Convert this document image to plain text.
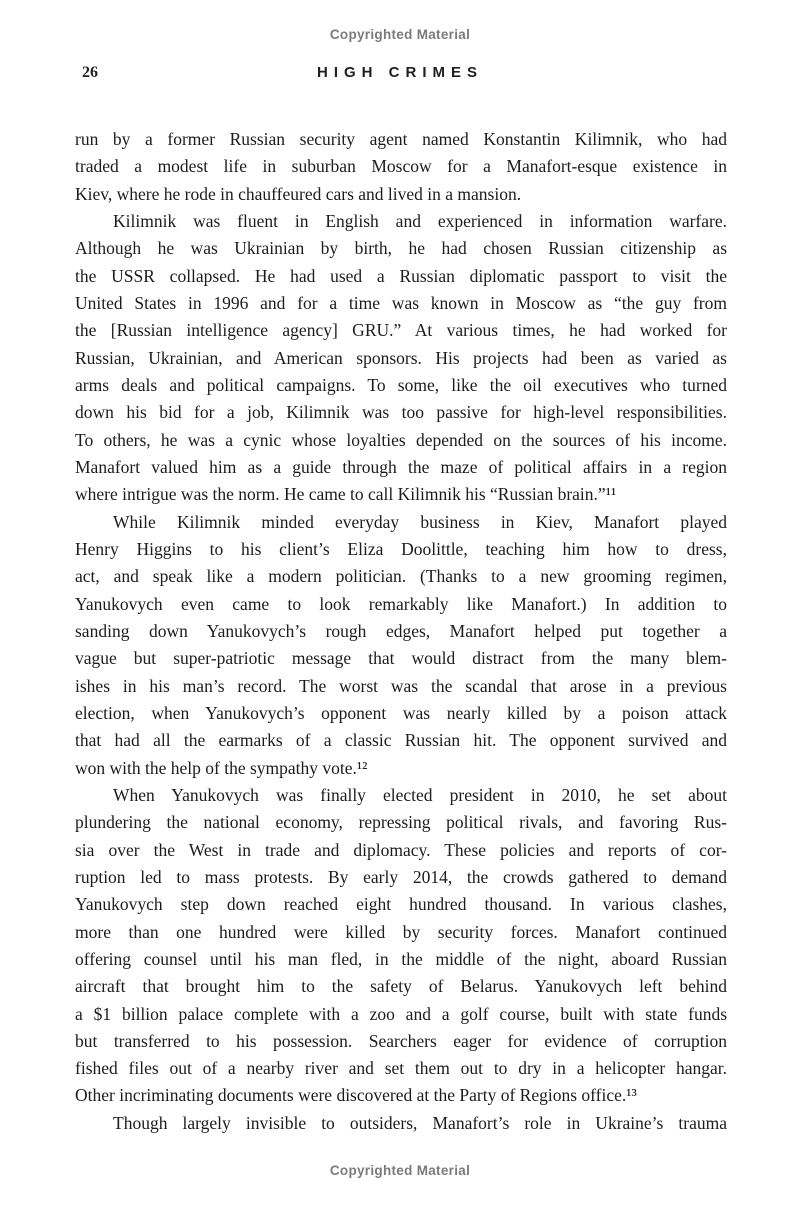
Copyrighted Material
26	HIGH CRIMES
run by a former Russian security agent named Konstantin Kilimnik, who had
traded a modest life in suburban Moscow for a Manafort-esque existence in
Kiev, where he rode in chauffeured cars and lived in a mansion.
Kilimnik was fluent in English and experienced in information warfare.
Although he was Ukrainian by birth, he had chosen Russian citizenship as
the USSR collapsed. He had used a Russian diplomatic passport to visit the
United States in 1996 and for a time was known in Moscow as “the guy from
the [Russian intelligence agency] GRU.” At various times, he had worked for
Russian, Ukrainian, and American sponsors. His projects had been as varied as
arms deals and political campaigns. To some, like the oil executives who turned
down his bid for a job, Kilimnik was too passive for high-level responsibilities.
To others, he was a cynic whose loyalties depended on the sources of his income.
Manafort valued him as a guide through the maze of political affairs in a region
where intrigue was the norm. He came to call Kilimnik his “Russian brain.”¹¹
While Kilimnik minded everyday business in Kiev, Manafort played
Henry Higgins to his client’s Eliza Doolittle, teaching him how to dress,
act, and speak like a modern politician. (Thanks to a new grooming regimen,
Yanukovych even came to look remarkably like Manafort.) In addition to
sanding down Yanukovych’s rough edges, Manafort helped put together a
vague but super-patriotic message that would distract from the many blem-
ishes in his man’s record. The worst was the scandal that arose in a previous
election, when Yanukovych’s opponent was nearly killed by a poison attack
that had all the earmarks of a classic Russian hit. The opponent survived and
won with the help of the sympathy vote.¹²
When Yanukovych was finally elected president in 2010, he set about
plundering the national economy, repressing political rivals, and favoring Rus-
sia over the West in trade and diplomacy. These policies and reports of cor-
ruption led to mass protests. By early 2014, the crowds gathered to demand
Yanukovych step down reached eight hundred thousand. In various clashes,
more than one hundred were killed by security forces. Manafort continued
offering counsel until his man fled, in the middle of the night, aboard Russian
aircraft that brought him to the safety of Belarus. Yanukovych left behind
a $1 billion palace complete with a zoo and a golf course, built with state funds
but transferred to his possession. Searchers eager for evidence of corruption
fished files out of a nearby river and set them out to dry in a helicopter hangar.
Other incriminating documents were discovered at the Party of Regions office.¹³
Though largely invisible to outsiders, Manafort’s role in Ukraine’s trauma
Copyrighted Material
